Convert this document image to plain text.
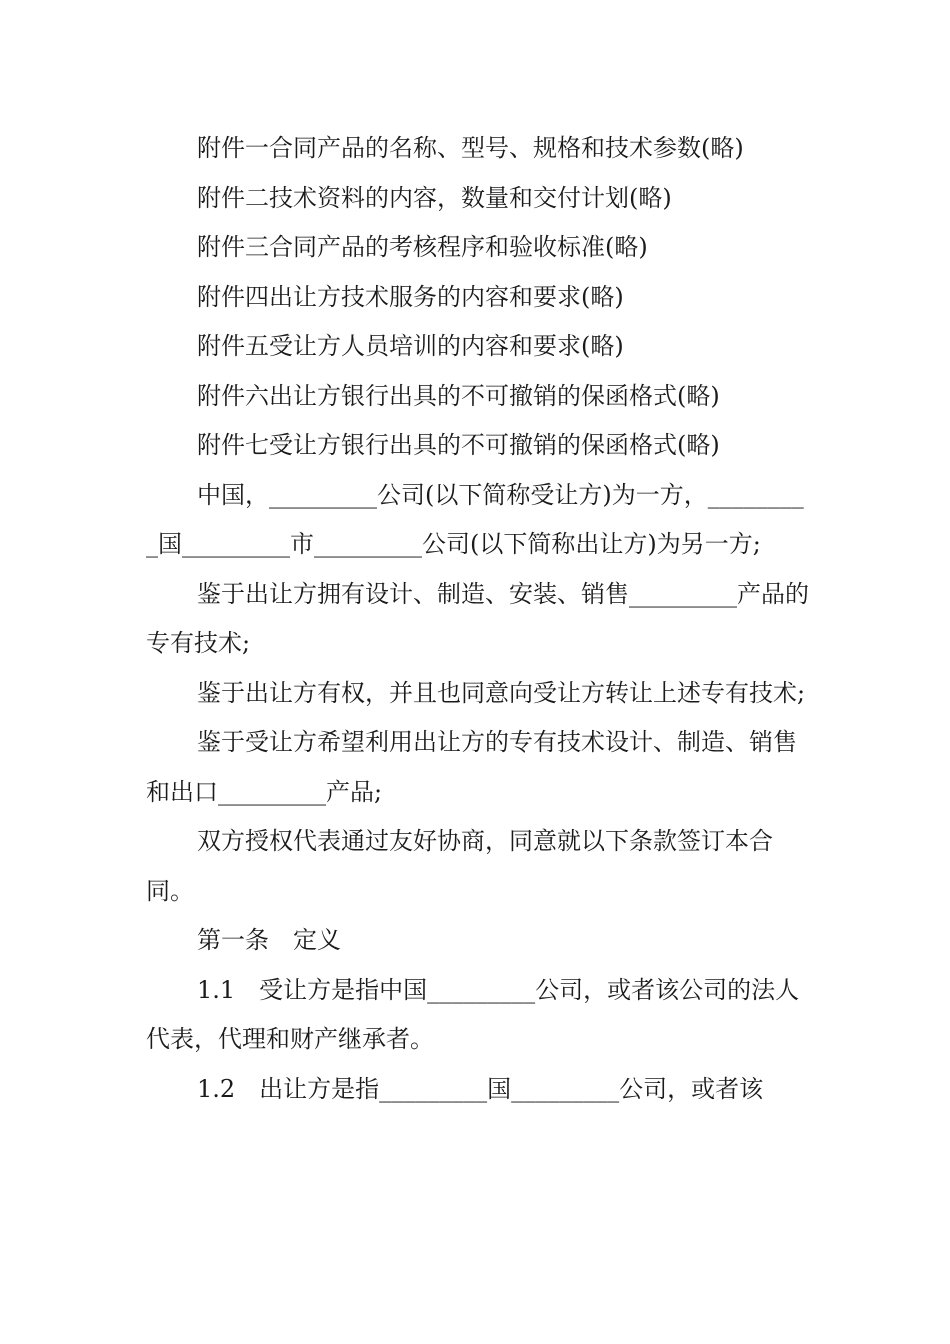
附件一合同产品的名称、型号、规格和技术参数(略)

附件二技术资料的内容，数量和交付计划(略)

附件三合同产品的考核程序和验收标准(略)

附件四出让方技术服务的内容和要求(略)

附件五受让方人员培训的内容和要求(略)

附件六出让方银行出具的不可撤销的保函格式(略)

附件七受让方银行出具的不可撤销的保函格式(略)

中国，_________公司(以下简称受让方)为一方，_________国_________市_________公司(以下简称出让方)为另一方;

鉴于出让方拥有设计、制造、安装、销售_________产品的专有技术;

鉴于出让方有权，并且也同意向受让方转让上述专有技术;

鉴于受让方希望利用出让方的专有技术设计、制造、销售和出口_________产品;

双方授权代表通过友好协商，同意就以下条款签订本合同。

第一条　定义

1.1　受让方是指中国_________公司，或者该公司的法人代表，代理和财产继承者。

1.2　出让方是指_________国_________公司，或者该
